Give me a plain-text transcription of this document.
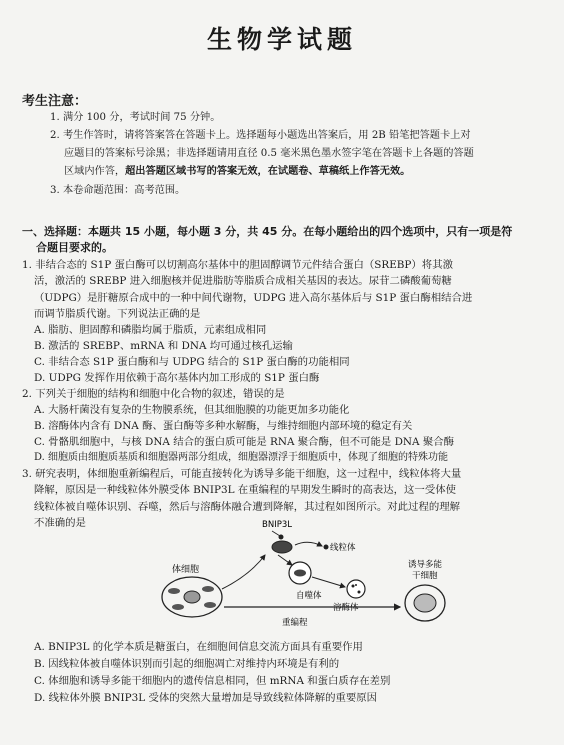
生物学试题
考生注意：
1. 满分 100 分，考试时间 75 分钟。
2. 考生作答时，请将答案答在答题卡上。选择题每小题选出答案后，用 2B 铅笔把答题卡上对
应题目的答案标号涂黑；非选择题请用直径 0.5 毫米黑色墨水签字笔在答题卡上各题的答题
区域内作答，超出答题区域书写的答案无效，在试题卷、草稿纸上作答无效。
3. 本卷命题范围：高考范围。
一、选择题：本题共 15 小题，每小题 3 分，共 45 分。在每小题给出的四个选项中，只有一项是符
合题目要求的。
1. 非结合态的 S1P 蛋白酶可以切割高尔基体中的胆固醇调节元件结合蛋白（SREBP）将其激
活，激活的 SREBP 进入细胞核并促进脂肪等脂质合成相关基因的表达。尿苷二磷酸葡萄糖
（UDPG）是肝糖原合成中的一种中间代谢物，UDPG 进入高尔基体后与 S1P 蛋白酶相结合进
而调节脂质代谢。下列说法正确的是
A. 脂肪、胆固醇和磷脂均属于脂质，元素组成相同
B. 激活的 SREBP、mRNA 和 DNA 均可通过核孔运输
C. 非结合态 S1P 蛋白酶和与 UDPG 结合的 S1P 蛋白酶的功能相同
D. UDPG 发挥作用依赖于高尔基体内加工形成的 S1P 蛋白酶
2. 下列关于细胞的结构和细胞中化合物的叙述，错误的是
A. 大肠杆菌没有复杂的生物膜系统，但其细胞膜的功能更加多功能化
B. 溶酶体内含有 DNA 酶、蛋白酶等多种水解酶，与维持细胞内部环境的稳定有关
C. 骨骼肌细胞中，与核 DNA 结合的蛋白质可能是 RNA 聚合酶，但不可能是 DNA 聚合酶
D. 细胞质由细胞质基质和细胞器两部分组成，细胞器漂浮于细胞质中，体现了细胞的特殊功能
3. 研究表明，体细胞重新编程后，可能直接转化为诱导多能干细胞，这一过程中，线粒体将大量
降解，原因是一种线粒体外膜受体 BNIP3L 在重编程的早期发生瞬时的高表达，这一受体使
线粒体被自噬体识别、吞噬，然后与溶酶体融合遭到降解，其过程如图所示。对此过程的理解
不准确的是
体细胞
BNIP3L
线粒体
自噬体
溶酶体
诱导多能
干细胞
重编程
A. BNIP3L 的化学本质是糖蛋白，在细胞间信息交流方面具有重要作用
B. 因线粒体被自噬体识别而引起的细胞凋亡对维持内环境是有利的
C. 体细胞和诱导多能干细胞内的遗传信息相同，但 mRNA 和蛋白质存在差别
D. 线粒体外膜 BNIP3L 受体的突然大量增加是导致线粒体降解的重要原因
